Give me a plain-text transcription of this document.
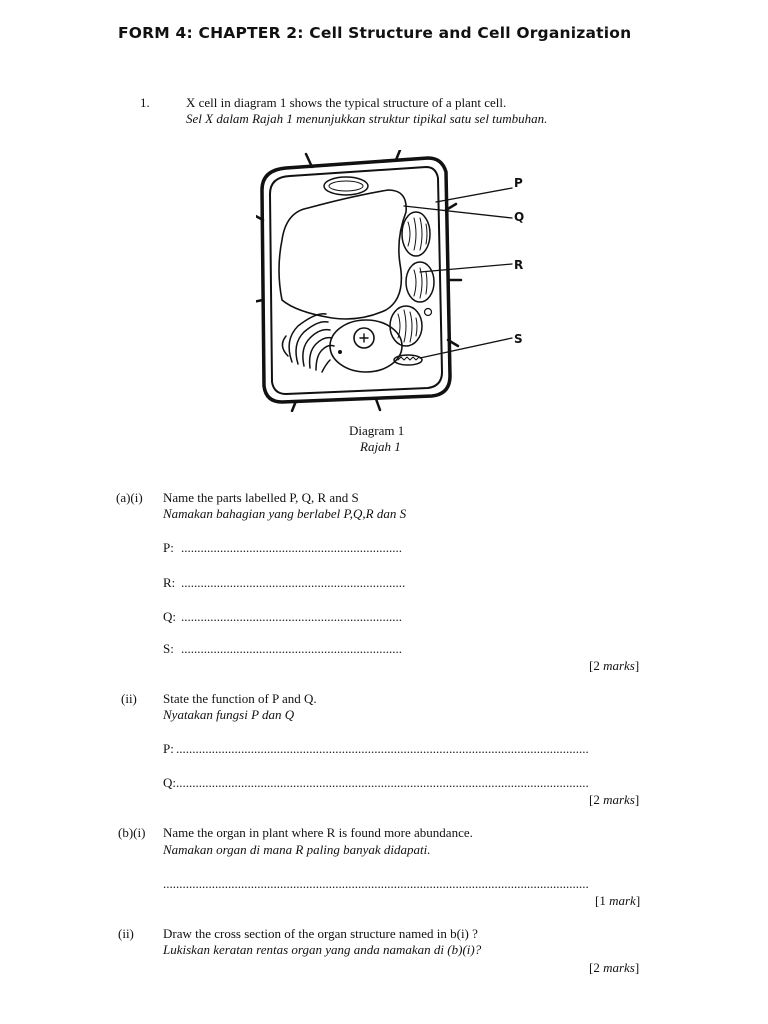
FORM 4: CHAPTER 2: Cell Structure and Cell Organization
1.	X cell in diagram 1 shows the typical structure of a plant cell.
Sel X dalam Rajah 1 menunjukkan struktur tipikal satu sel tumbuhan.
P
Q
R
S
Diagram 1
Rajah 1
(a)(i) Name the parts labelled P, Q, R and S
Namakan bahagian yang berlabel P,Q,R dan S
P: ....................................................................
R: .....................................................................
Q: ....................................................................
S: ....................................................................
[2 marks]
(ii) State the function of P and Q.
Nyatakan fungsi P dan Q
P: ...............................................................................................................................
Q: ...............................................................................................................................
[2 marks]
(b)(i) Name the organ in plant where R is found more abundance.
Namakan organ di mana R paling banyak didapati.
...................................................................................................................................
[1 mark]
(ii) Draw the cross section of the organ structure named in b(i) ?
Lukiskan keratan rentas organ yang anda namakan di (b)(i)?
[2 marks]
